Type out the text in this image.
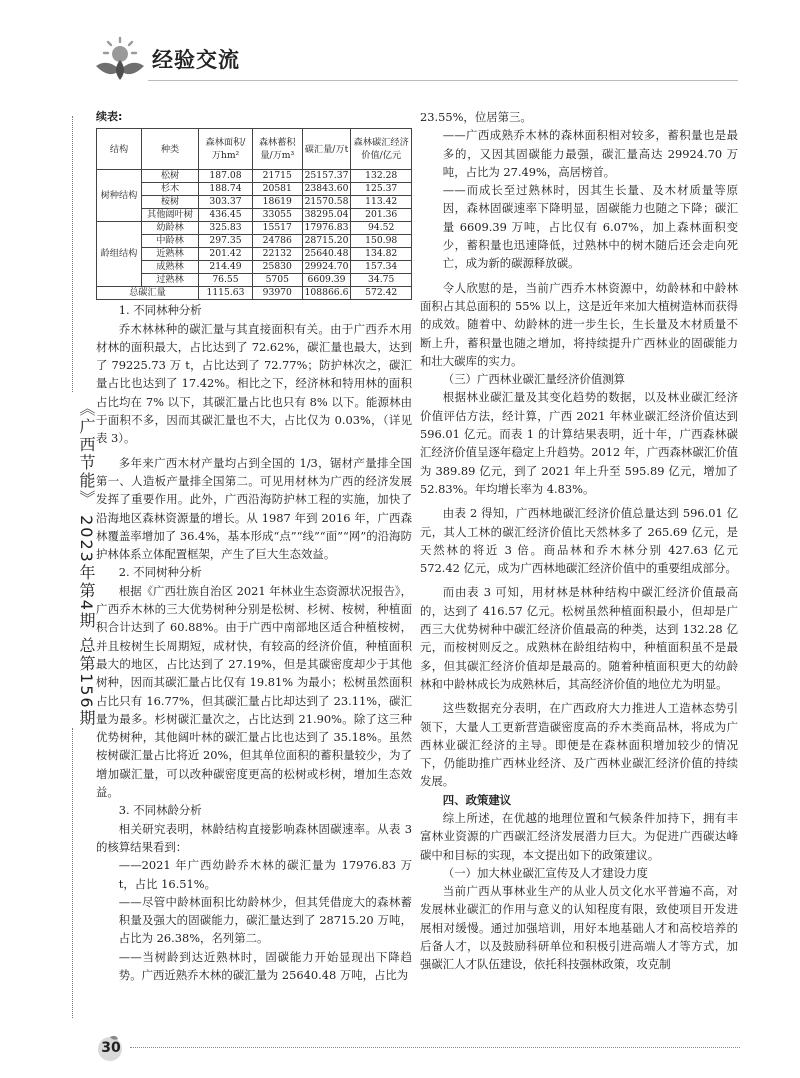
经验交流
《广西节能》 2023年第4期 总第156期
续表:
结构	种类	森林面积/万hm²	森林蓄积量/万m³	碳汇量/万t	森林碳汇经济价值/亿元
树种结构	松树	187.08	21715	25157.37	132.28
	杉木	188.74	20581	23843.60	125.37
	桉树	303.37	18619	21570.58	113.42
	其他阔叶树	436.45	33055	38295.04	201.36
龄组结构	幼龄林	325.83	15517	17976.83	94.52
	中龄林	297.35	24786	28715.20	150.98
	近熟林	201.42	22132	25640.48	134.82
	成熟林	214.49	25830	29924.70	157.34
	过熟林	76.55	5705	6609.39	34.75
总碳汇量		1115.63	93970	108866.6	572.42

1. 不同林种分析

乔木林林种的碳汇量与其直接面积有关。由于广西乔木用材林的面积最大，占比达到了 72.62%，碳汇量也最大，达到了 79225.73 万 t，占比达到了 72.77%；防护林次之，碳汇量占比也达到了 17.42%。相比之下，经济林和特用林的面积占比均在 7% 以下，其碳汇量占比也只有 8% 以下。能源林由于面积不多，因而其碳汇量也不大，占比仅为 0.03%，（详见表 3）。

多年来广西木材产量均占到全国的 1/3，锯材产量排全国第一、人造板产量排全国第二。可见用材林为广西的经济发展发挥了重要作用。此外，广西沿海防护林工程的实施，加快了沿海地区森林资源量的增长。从 1987 年到 2016 年，广西森林覆盖率增加了 36.4%，基本形成“点”“线”“面”“网”的沿海防护林体系立体配置框架，产生了巨大生态效益。

2. 不同树种分析

根据《广西壮族自治区 2021 年林业生态资源状况报告》，广西乔木林的三大优势树种分别是松树、杉树、桉树，种植面积合计达到了 60.88%。由于广西中南部地区适合种植桉树，并且桉树生长周期短，成材快，有较高的经济价值，种植面积最大的地区，占比达到了 27.19%，但是其碳密度却少于其他树种，因而其碳汇量占比仅有 19.81% 为最小；松树虽然面积占比只有 16.77%，但其碳汇量占比却达到了 23.11%，碳汇量为最多。杉树碳汇量次之，占比达到 21.90%。除了这三种优势树种，其他阔叶林的碳汇量占比也达到了 35.18%。虽然桉树碳汇量占比将近 20%，但其单位面积的蓄积量较少，为了增加碳汇量，可以改种碳密度更高的松树或杉树，增加生态效益。

3. 不同林龄分析

相关研究表明，林龄结构直接影响森林固碳速率。从表 3 的核算结果看到：

——2021 年广西幼龄乔木林的碳汇量为 17976.83 万 t，占比 16.51%。

——尽管中龄林面积比幼龄林少，但其凭借庞大的森林蓄积量及强大的固碳能力，碳汇量达到了 28715.20 万吨，占比为 26.38%，名列第二。

——当树龄到达近熟林时，固碳能力开始显现出下降趋势。广西近熟乔木林的碳汇量为 25640.48 万吨，占比为

23.55%，位居第三。

——广西成熟乔木林的森林面积相对较多，蓄积量也是最多的，又因其固碳能力最强，碳汇量高达 29924.70 万吨，占比为 27.49%，高居榜首。

——而成长至过熟林时，因其生长量、及木材质量等原因，森林固碳速率下降明显，固碳能力也随之下降；碳汇量 6609.39 万吨，占比仅有 6.07%，加上森林面积变少，蓄积量也迅速降低，过熟林中的树木随后还会走向死亡，成为新的碳源释放碳。

令人欣慰的是，当前广西乔木林资源中，幼龄林和中龄林面积占其总面积的 55% 以上，这是近年来加大植树造林而获得的成效。随着中、幼龄林的进一步生长，生长量及木材质量不断上升，蓄积量也随之增加，将持续提升广西林业的固碳能力和壮大碳库的实力。

（三）广西林业碳汇量经济价值测算

根据林业碳汇量及其变化趋势的数据，以及林业碳汇经济价值评估方法，经计算，广西 2021 年林业碳汇经济价值达到 596.01 亿元。而表 1 的计算结果表明，近十年，广西森林碳汇经济价值呈逐年稳定上升趋势。2012 年，广西森林碳汇价值为 389.89 亿元，到了 2021 年上升至 595.89 亿元，增加了 52.83%。年均增长率为 4.83%。

由表 2 得知，广西林地碳汇经济价值总量达到 596.01 亿元，其人工林的碳汇经济价值比天然林多了 265.69 亿元，是天然林的将近 3 倍。商品林和乔木林分别 427.63 亿元 572.42 亿元，成为广西林地碳汇经济价值中的重要组成部分。

而由表 3 可知，用材林是林种结构中碳汇经济价值最高的，达到了 416.57 亿元。松树虽然种植面积最小，但却是广西三大优势树种中碳汇经济价值最高的种类，达到 132.28 亿元，而桉树则反之。成熟林在龄组结构中，种植面积虽不是最多，但其碳汇经济价值却是最高的。随着种植面积更大的幼龄林和中龄林成长为成熟林后，其高经济价值的地位尤为明显。

这些数据充分表明，在广西政府大力推进人工造林态势引领下，大量人工更新营造碳密度高的乔木类商品林，将成为广西林业碳汇经济的主导。即便是在森林面积增加较少的情况下，仍能助推广西林业经济、及广西林业碳汇经济价值的持续发展。

四、政策建议

综上所述，在优越的地理位置和气候条件加持下，拥有丰富林业资源的广西碳汇经济发展潜力巨大。为促进广西碳达峰碳中和目标的实现，本文提出如下的政策建议。

（一）加大林业碳汇宣传及人才建设力度

当前广西从事林业生产的从业人员文化水平普遍不高，对发展林业碳汇的作用与意义的认知程度有限，致使项目开发进展相对缓慢。通过加强培训，用好本地基础人才和高校培养的后备人才，以及鼓励科研单位和积极引进高端人才等方式，加强碳汇人才队伍建设，依托科技强林政策，攻克制

30
